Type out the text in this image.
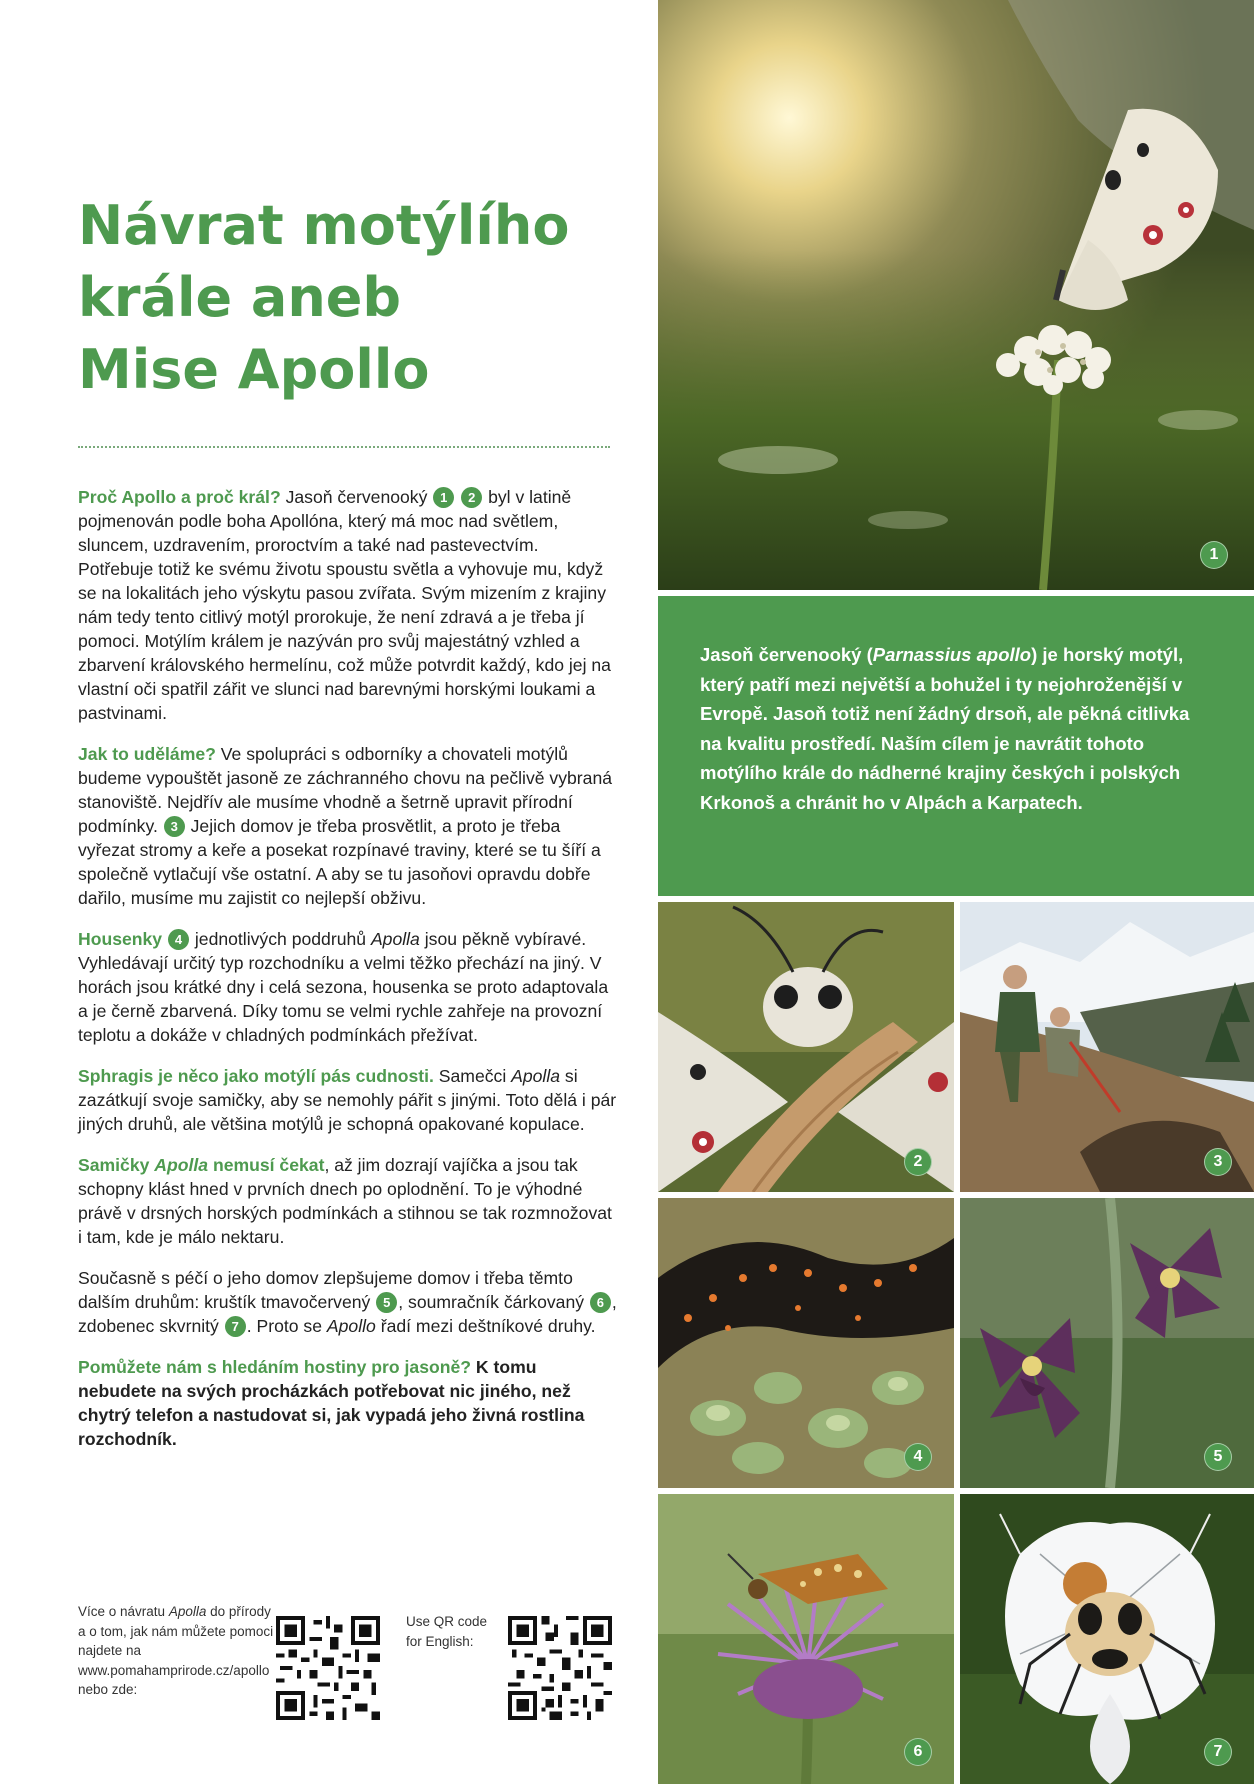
Návrat motýlího
krále aneb
Mise Apollo

Proč Apollo a proč král? Jasoň červenooký 1 2 byl v latině pojmenován podle boha Apollóna, který má moc nad světlem, sluncem, uzdravením, proroctvím a také nad pastevectvím. Potřebuje totiž ke svému životu spoustu světla a vyhovuje mu, když se na lokalitách jeho výskytu pasou zvířata. Svým mizením z krajiny nám tedy tento citlivý motýl prorokuje, že není zdravá a je třeba jí pomoci. Motýlím králem je nazýván pro svůj majestátný vzhled a zbarvení královského hermelínu, což může potvrdit každý, kdo jej na vlastní oči spatřil zářit ve slunci nad barevnými horskými loukami a pastvinami.

Jak to uděláme? Ve spolupráci s odborníky a chovateli motýlů budeme vypouštět jasoně ze záchranného chovu na pečlivě vybraná stanoviště. Nejdřív ale musíme vhodně a šetrně upravit přírodní podmínky. 3 Jejich domov je třeba prosvětlit, a proto je třeba vyřezat stromy a keře a posekat rozpínavé traviny, které se tu šíří a společně vytlačují vše ostatní. A aby se tu jasoňovi opravdu dobře dařilo, musíme mu zajistit co nejlepší obživu.

Housenky 4 jednotlivých poddruhů Apolla jsou pěkně vybíravé. Vyhledávají určitý typ rozchodníku a velmi těžko přechází na jiný. V horách jsou krátké dny i celá sezona, housenka se proto adaptovala a je černě zbarvená. Díky tomu se velmi rychle zahřeje na provozní teplotu a dokáže v chladných podmínkách přežívat.

Sphragis je něco jako motýlí pás cudnosti. Samečci Apolla si zazátkují svoje samičky, aby se nemohly pářit s jinými. Toto dělá i pár jiných druhů, ale většina motýlů je schopná opakované kopulace.

Samičky Apolla nemusí čekat, až jim dozrají vajíčka a jsou tak schopny klást hned v prvních dnech po oplodnění. To je výhodné právě v drsných horských podmínkách a stihnou se tak rozmnožovat i tam, kde je málo nektaru.

Současně s péčí o jeho domov zlepšujeme domov i třeba těmto dalším druhům: kruštík tmavočervený 5 , soumračník čárkovaný 6 , zdobenec skvrnitý 7 . Proto se Apollo řadí mezi deštníkové druhy.

Pomůžete nám s hledáním hostiny pro jasoně? K tomu nebudete na svých procházkách potřebovat nic jiného, než chytrý telefon a nastudovat si, jak vypadá jeho živná rostlina rozchodník.

Více o návratu Apolla do přírody a o tom, jak nám můžete pomoci najdete na www.pomahamprirode.cz/apollo nebo zde:
Use QR code for English:
1

Jasoň červenooký (Parnassius apollo) je horský motýl, který patří mezi největší a bohužel i ty nejohroženější v Evropě. Jasoň totiž není žádný drsoň, ale pěkná citlivka na kvalitu prostředí. Naším cílem je navrátit tohoto motýlího krále do nádherné krajiny českých i polských Krkonoš a chránit ho v Alpách a Karpatech.

2	3
4	5
6	7
